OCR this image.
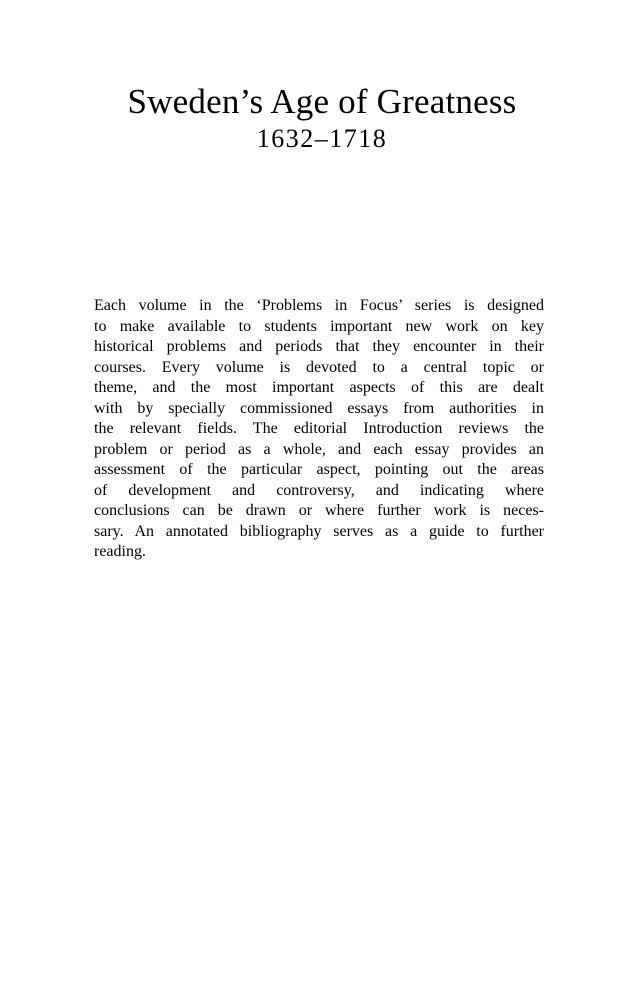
Sweden’s Age of Greatness
1632–1718
Each volume in the ‘Problems in Focus’ series is designed
to make available to students important new work on key
historical problems and periods that they encounter in their
courses. Every volume is devoted to a central topic or
theme, and the most important aspects of this are dealt
with by specially commissioned essays from authorities in
the relevant fields. The editorial Introduction reviews the
problem or period as a whole, and each essay provides an
assessment of the particular aspect, pointing out the areas
of development and controversy, and indicating where
conclusions can be drawn or where further work is neces-
sary. An annotated bibliography serves as a guide to further
reading.
